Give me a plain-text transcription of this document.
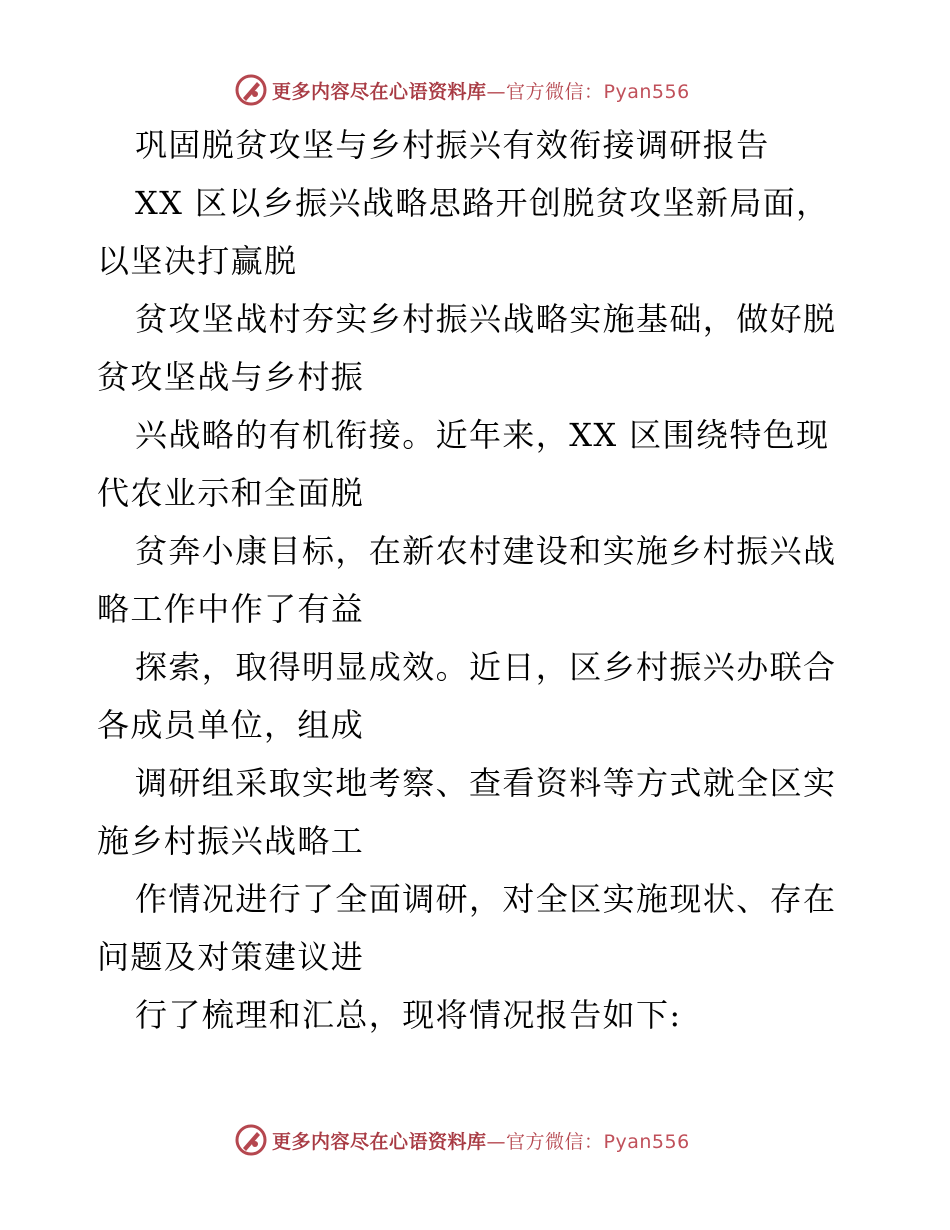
更多内容尽在心语资料库—官方微信：Pyan556
巩固脱贫攻坚与乡村振兴有效衔接调研报告
XX 区以乡振兴战略思路开创脱贫攻坚新局面，
以坚决打赢脱
贫攻坚战村夯实乡村振兴战略实施基础，做好脱
贫攻坚战与乡村振
兴战略的有机衔接。近年来，XX 区围绕特色现
代农业示和全面脱
贫奔小康目标，在新农村建设和实施乡村振兴战
略工作中作了有益
探索，取得明显成效。近日，区乡村振兴办联合
各成员单位，组成
调研组采取实地考察、查看资料等方式就全区实
施乡村振兴战略工
作情况进行了全面调研，对全区实施现状、存在
问题及对策建议进
行了梳理和汇总，现将情况报告如下:
更多内容尽在心语资料库—官方微信：Pyan556
